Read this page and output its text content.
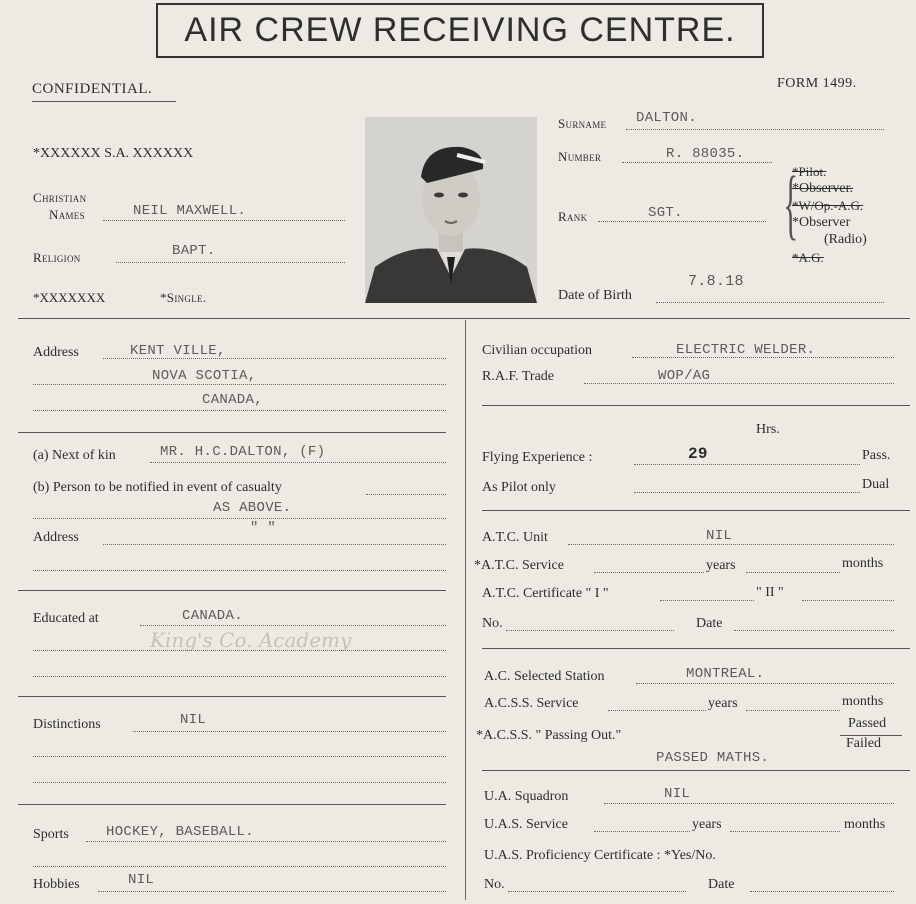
AIR CREW RECEIVING CENTRE.
CONFIDENTIAL.	FORM 1499.
*XXXXXX S.A. XXXXXX
Christian
Names	NEIL MAXWELL.
Religion	BAPT.
*XXXXXXX	*Single.
Surname DALTON.
Number	R. 88035.
Rank	SGT. {
*Pilot.
*Observer.
*W/Op.-A.G.
*Observer
(Radio)
*A.G.
Date of Birth
7.8.18
Address	KENT VILLE,
NOVA SCOTIA,
CANADA,
(a) Next of kin	MR. H.C.DALTON, (F)
(b) Person to be notified in event of casualty
AS ABOVE.
Address
" "
Educated at	CANADA.
King's Co. Academy
Distinctions	NIL
Sports	HOCKEY, BASEBALL.
Hobbies	NIL
Civilian occupation	ELECTRIC WELDER.
R.A.F. Trade	WOP/AG
Hrs.
Flying Experience :	29	Pass.
As Pilot only	Dual
A.T.C. Unit	NIL
*A.T.C. Service	years	months
A.T.C. Certificate " I "	" II "
No.	Date
A.C. Selected Station	MONTREAL.
A.C.S.S. Service	years	months
*A.C.S.S. " Passing Out."
Passed
Failed
PASSED MATHS.
U.A. Squadron	NIL
U.A.S. Service	years	months
U.A.S. Proficiency Certificate : *Yes/No.
No.	Date
